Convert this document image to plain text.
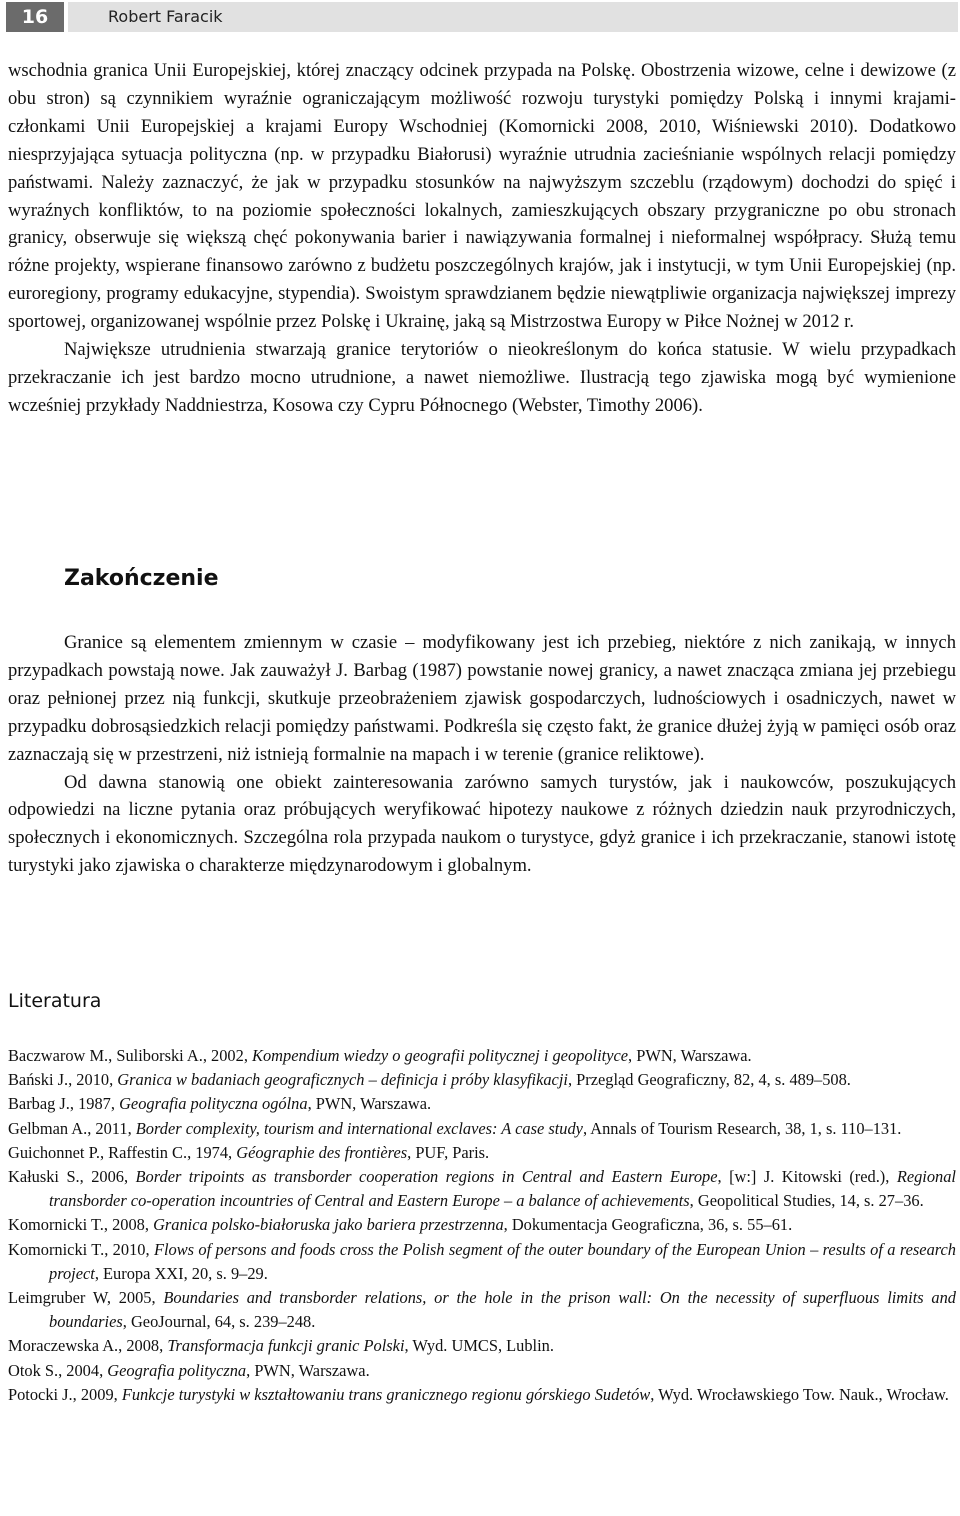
16	Robert Faracik

wschodnia granica Unii Europejskiej, której znaczący odcinek przypada na Polskę. Obostrzenia wizowe, celne i dewizowe (z obu stron) są czynnikiem wyraźnie ograniczającym możliwość rozwoju turystyki pomiędzy Polską i innymi krajami-członkami Unii Europejskiej a krajami Europy Wschodniej (Komornicki 2008, 2010, Wiśniewski 2010). Dodatkowo niesprzyjająca sytuacja polityczna (np. w przypadku Białorusi) wyraźnie utrudnia zacieśnianie wspólnych relacji pomiędzy państwami. Należy zaznaczyć, że jak w przypadku stosunków na najwyższym szczeblu (rządowym) dochodzi do spięć i wyraźnych konfliktów, to na poziomie społeczności lokalnych, zamieszkujących obszary przygraniczne po obu stronach granicy, obserwuje się większą chęć pokonywania barier i nawiązywania formalnej i nieformalnej współpracy. Służą temu różne projekty, wspierane finansowo zarówno z budżetu poszczególnych krajów, jak i instytucji, w tym Unii Europejskiej (np. euroregiony, programy edukacyjne, stypendia). Swoistym sprawdzianem będzie niewątpliwie organizacja największej imprezy sportowej, organizowanej wspólnie przez Polskę i Ukrainę, jaką są Mistrzostwa Europy w Piłce Nożnej w 2012 r.

Największe utrudnienia stwarzają granice terytoriów o nieokreślonym do końca statusie. W wielu przypadkach przekraczanie ich jest bardzo mocno utrudnione, a nawet niemożliwe. Ilustracją tego zjawiska mogą być wymienione wcześniej przykłady Naddniestrza, Kosowa czy Cypru Północnego (Webster, Timothy 2006).

Zakończenie

Granice są elementem zmiennym w czasie – modyfikowany jest ich przebieg, niektóre z nich zanikają, w innych przypadkach powstają nowe. Jak zauważył J. Barbag (1987) powstanie nowej granicy, a nawet znacząca zmiana jej przebiegu oraz pełnionej przez nią funkcji, skutkuje przeobrażeniem zjawisk gospodarczych, ludnościowych i osadniczych, nawet w przypadku dobrosąsiedzkich relacji pomiędzy państwami. Podkreśla się często fakt, że granice dłużej żyją w pamięci osób oraz zaznaczają się w przestrzeni, niż istnieją formalnie na mapach i w terenie (granice reliktowe).

Od dawna stanowią one obiekt zainteresowania zarówno samych turystów, jak i naukowców, poszukujących odpowiedzi na liczne pytania oraz próbujących weryfikować hipotezy naukowe z różnych dziedzin nauk przyrodniczych, społecznych i ekonomicznych. Szczególna rola przypada naukom o turystyce, gdyż granice i ich przekraczanie, stanowi istotę turystyki jako zjawiska o charakterze międzynarodowym i globalnym.

Literatura
Baczwarow M., Suliborski A., 2002, Kompendium wiedzy o geografii politycznej i geopolityce, PWN, Warszawa.
Bański J., 2010, Granica w badaniach geograficznych – definicja i próby klasyfikacji, Przegląd Geograficzny, 82, 4, s. 489–508.
Barbag J., 1987, Geografia polityczna ogólna, PWN, Warszawa.
Gelbman A., 2011, Border complexity, tourism and international exclaves: A case study, Annals of Tourism Research, 38, 1, s. 110–131.
Guichonnet P., Raffestin C., 1974, Géographie des frontières, PUF, Paris.
Kałuski S., 2006, Border tripoints as transborder cooperation regions in Central and Eastern Europe, [w:] J. Kitowski (red.), Regional transborder co-operation incountries of Central and Eastern Europe – a balance of achievements, Geopolitical Studies, 14, s. 27–36.
Komornicki T., 2008, Granica polsko-białoruska jako bariera przestrzenna, Dokumentacja Geograficzna, 36, s. 55–61.
Komornicki T., 2010, Flows of persons and foods cross the Polish segment of the outer boundary of the European Union – results of a research project, Europa XXI, 20, s. 9–29.
Leimgruber W, 2005, Boundaries and transborder relations, or the hole in the prison wall: On the necessity of superfluous limits and boundaries, GeoJournal, 64, s. 239–248.
Moraczewska A., 2008, Transformacja funkcji granic Polski, Wyd. UMCS, Lublin.
Otok S., 2004, Geografia polityczna, PWN, Warszawa.
Potocki J., 2009, Funkcje turystyki w kształtowaniu trans granicznego regionu górskiego Sudetów, Wyd. Wrocławskiego Tow. Nauk., Wrocław.
